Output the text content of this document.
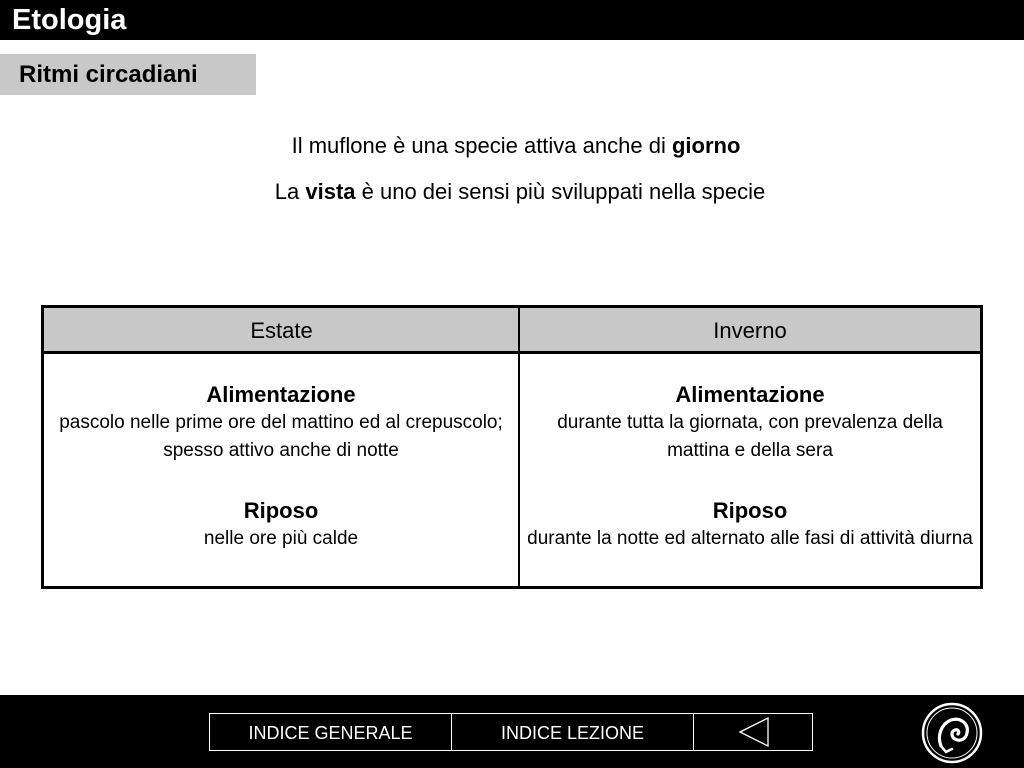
Etologia
Ritmi circadiani
Il muflone è una specie attiva anche di giorno
La vista è uno dei sensi più sviluppati nella specie
Estate	Inverno
Alimentazione
pascolo nelle prime ore del mattino ed al crepuscolo; spesso attivo anche di notte
Riposo
nelle ore più calde
Alimentazione
durante tutta la giornata, con prevalenza della mattina e della sera
Riposo
durante la notte ed alternato alle fasi di attività diurna
INDICE GENERALE	INDICE LEZIONE
